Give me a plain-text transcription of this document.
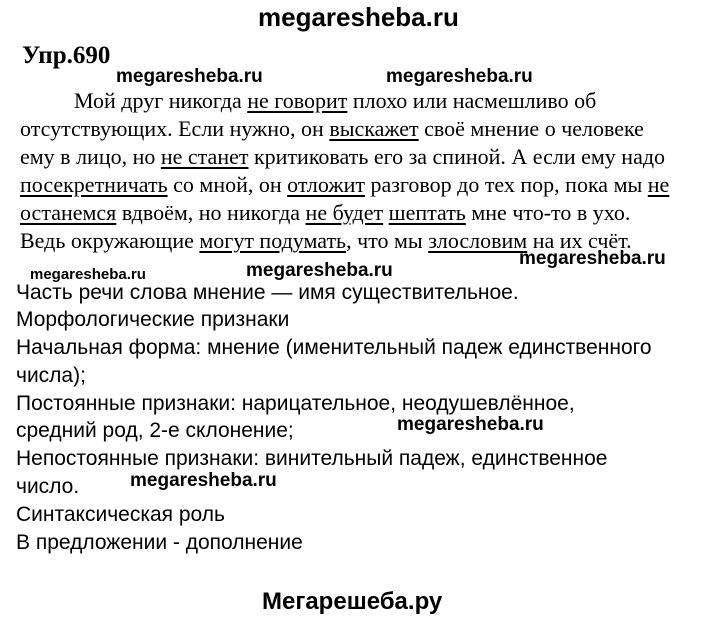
megaresheba.ru
Упр.690
megaresheba.ru	megaresheba.ru
Мой друг никогда не говорит плохо или насмешливо об
отсутствующих. Если нужно, он выскажет своё мнение о человеке
ему в лицо, но не станет критиковать его за спиной. А если ему надо
посекретничать со мной, он отложит разговор до тех пор, пока мы не
останемся вдвоём, но никогда не будет шептать мне что-то в ухо.
Ведь окружающие могут подумать, что мы злословим на их счёт.
megaresheba.ru	megaresheba.ru
megaresheba.ru
Часть речи слова мнение — имя существительное.
Морфологические признаки
Начальная форма: мнение (именительный падеж единственного
числа);
Постоянные признаки: нарицательное, неодушевлённое,
средний род, 2-е склонение;
Непостоянные признаки: винительный падеж, единственное
число.
Синтаксическая роль
В предложении - дополнение
megaresheba.ru
megaresheba.ru
Мегарешеба.ру
